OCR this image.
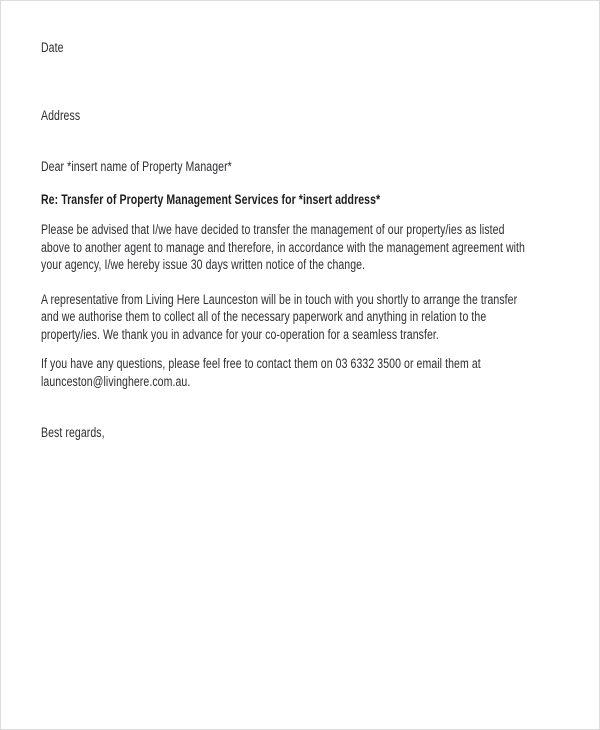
Date
Address
Dear *insert name of Property Manager*
Re: Transfer of Property Management Services for *insert address*
Please be advised that I/we have decided to transfer the management of our property/ies as listed
above to another agent to manage and therefore, in accordance with the management agreement with
your agency, I/we hereby issue 30 days written notice of the change.
A representative from Living Here Launceston will be in touch with you shortly to arrange the transfer
and we authorise them to collect all of the necessary paperwork and anything in relation to the
property/ies. We thank you in advance for your co-operation for a seamless transfer.
If you have any questions, please feel free to contact them on 03 6332 3500 or email them at
launceston@livinghere.com.au.
Best regards,
